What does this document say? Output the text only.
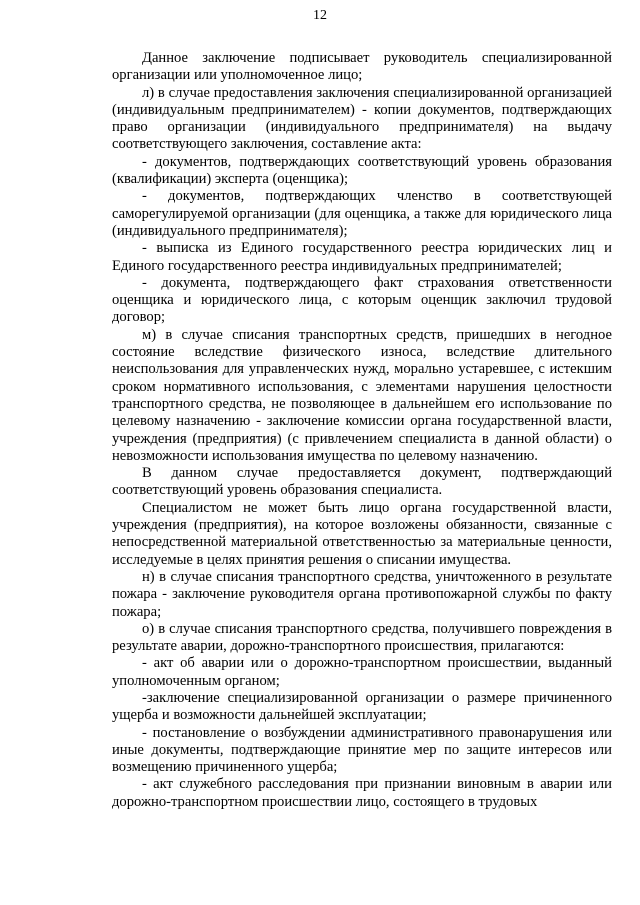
12

Данное заключение подписывает руководитель специализированной организации или уполномоченное лицо;

л) в случае предоставления заключения специализированной организацией (индивидуальным предпринимателем) - копии документов, подтверждающих право организации (индивидуального предпринимателя) на выдачу соответствующего заключения, составление акта:

- документов, подтверждающих соответствующий уровень образования (квалификации) эксперта (оценщика);

- документов, подтверждающих членство в соответствующей саморегулируемой организации (для оценщика, а также для юридического лица (индивидуального предпринимателя);

- выписка из Единого государственного реестра юридических лиц и Единого государственного реестра индивидуальных предпринимателей;

- документа, подтверждающего факт страхования ответственности оценщика и юридического лица, с которым оценщик заключил трудовой договор;

м) в случае списания транспортных средств, пришедших в негодное состояние вследствие физического износа, вследствие длительного неиспользования для управленческих нужд, морально устаревшее, с истекшим сроком нормативного использования, с элементами нарушения целостности транспортного средства, не позволяющее в дальнейшем его использование по целевому назначению - заключение комиссии органа государственной власти, учреждения (предприятия) (с привлечением специалиста в данной области) о невозможности использования имущества по целевому назначению.

В данном случае предоставляется документ, подтверждающий соответствующий уровень образования специалиста.

Специалистом не может быть лицо органа государственной власти, учреждения (предприятия), на которое возложены обязанности, связанные с непосредственной материальной ответственностью за материальные ценности, исследуемые в целях принятия решения о списании имущества.

н) в случае списания транспортного средства, уничтоженного в результате пожара - заключение руководителя органа противопожарной службы по факту пожара;

о) в случае списания транспортного средства, получившего повреждения в результате аварии, дорожно-транспортного происшествия, прилагаются:

- акт об аварии или о дорожно-транспортном происшествии, выданный уполномоченным органом;

-заключение специализированной организации о размере причиненного ущерба и возможности дальнейшей эксплуатации;

- постановление о возбуждении административного правонарушения или иные документы, подтверждающие принятие мер по защите интересов или возмещению причиненного ущерба;

- акт служебного расследования при признании виновным в аварии или дорожно-транспортном происшествии лицо, состоящего в трудовых
